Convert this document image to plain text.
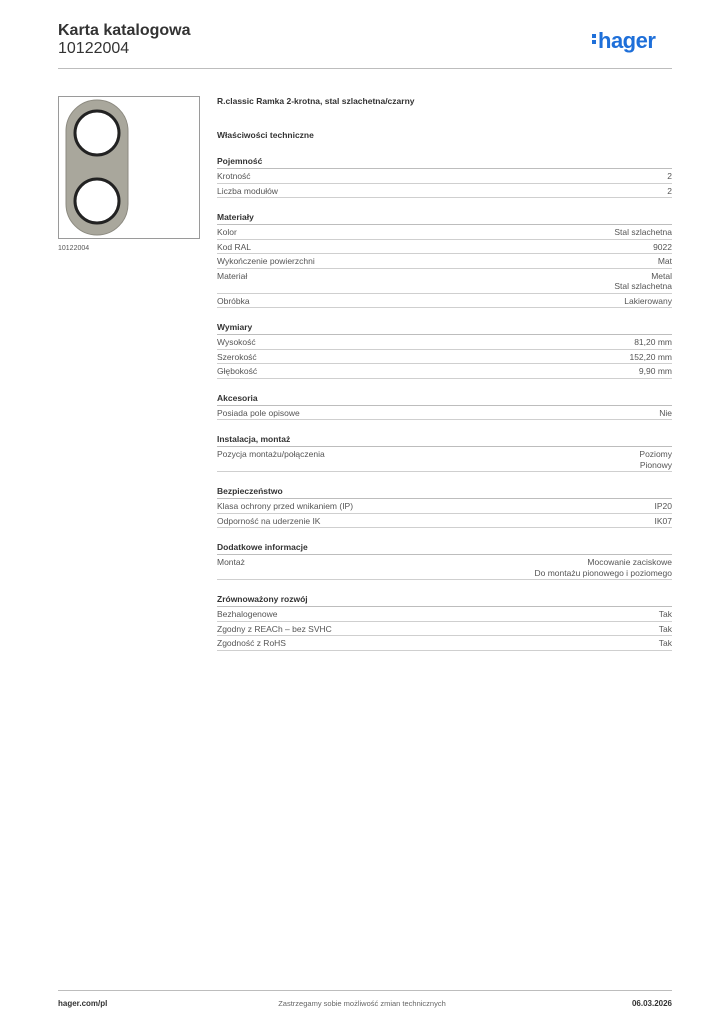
Karta katalogowa
10122004	hager
10122004
R.classic Ramka 2-krotna, stal szlachetna/czarny
Właściwości techniczne
Pojemność
Krotność	2
Liczba modułów	2
Materiały
Kolor	Stal szlachetna
Kod RAL	9022
Wykończenie powierzchni	Mat
Materiał	Metal
Stal szlachetna
Obróbka	Lakierowany
Wymiary
Wysokość	81,20 mm
Szerokość	152,20 mm
Głębokość	9,90 mm
Akcesoria
Posiada pole opisowe	Nie
Instalacja, montaż
Pozycja montażu/połączenia	Poziomy
Pionowy
Bezpieczeństwo
Klasa ochrony przed wnikaniem (IP)	IP20
Odporność na uderzenie IK	IK07
Dodatkowe informacje
Montaż	Mocowanie zaciskowe
Do montażu pionowego i poziomego
Zrównoważony rozwój
Bezhalogenowe	Tak
Zgodny z REACh – bez SVHC	Tak
Zgodność z RoHS	Tak
hager.com/pl	Zastrzegamy sobie możliwość zmian technicznych	06.03.2026
